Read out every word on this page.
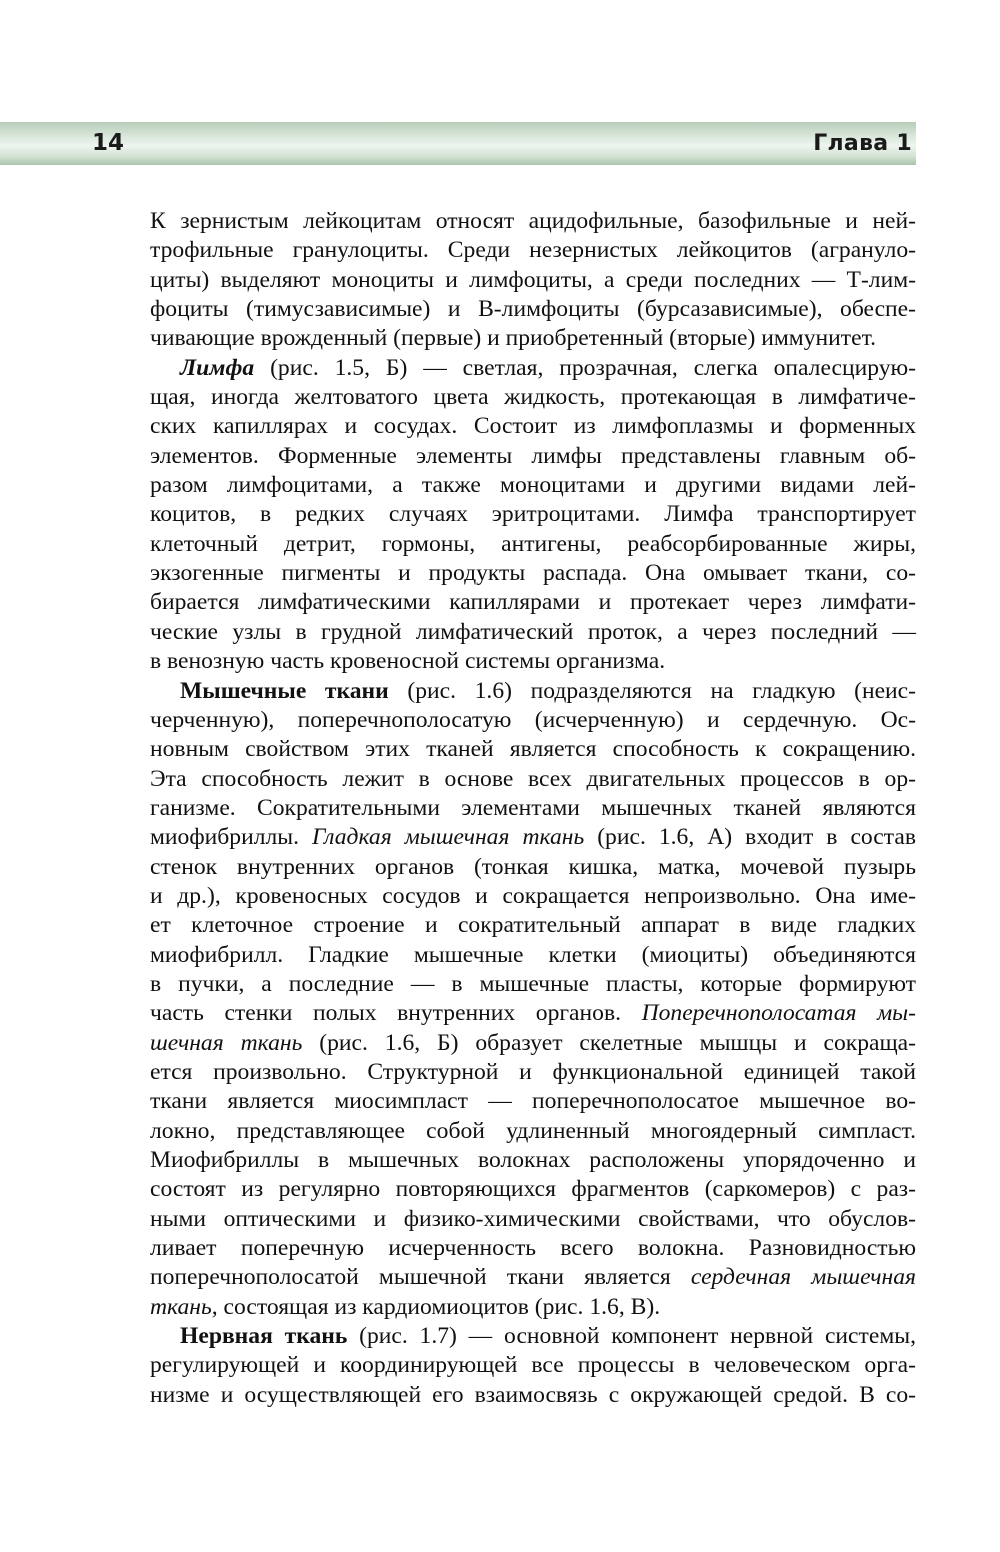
14	Глава 1
К зернистым лейкоцитам относят ацидофильные, базофильные и ней-
трофильные гранулоциты. Среди незернистых лейкоцитов (агрануло-
циты) выделяют моноциты и лимфоциты, а среди последних — Т-лим-
фоциты (тимусзависимые) и В-лимфоциты (бурсазависимые), обеспе-
чивающие врожденный (первые) и приобретенный (вторые) иммунитет.
Лимфа (рис. 1.5, Б) — светлая, прозрачная, слегка опалесцирую-
щая, иногда желтоватого цвета жидкость, протекающая в лимфатиче-
ских капиллярах и сосудах. Состоит из лимфоплазмы и форменных
элементов. Форменные элементы лимфы представлены главным об-
разом лимфоцитами, а также моноцитами и другими видами лей-
коцитов, в редких случаях эритроцитами. Лимфа транспортирует
клеточный детрит, гормоны, антигены, реабсорбированные жиры,
экзогенные пигменты и продукты распада. Она омывает ткани, со-
бирается лимфатическими капиллярами и протекает через лимфати-
ческие узлы в грудной лимфатический проток, а через последний —
в венозную часть кровеносной системы организма.
Мышечные ткани (рис. 1.6) подразделяются на гладкую (неис-
черченную), поперечнополосатую (исчерченную) и сердечную. Ос-
новным свойством этих тканей является способность к сокращению.
Эта способность лежит в основе всех двигательных процессов в ор-
ганизме. Сократительными элементами мышечных тканей являются
миофибриллы. Гладкая мышечная ткань (рис. 1.6, А) входит в состав
стенок внутренних органов (тонкая кишка, матка, мочевой пузырь
и др.), кровеносных сосудов и сокращается непроизвольно. Она име-
ет клеточное строение и сократительный аппарат в виде гладких
миофибрилл. Гладкие мышечные клетки (миоциты) объединяются
в пучки, а последние — в мышечные пласты, которые формируют
часть стенки полых внутренних органов. Поперечнополосатая мы-
шечная ткань (рис. 1.6, Б) образует скелетные мышцы и сокраща-
ется произвольно. Структурной и функциональной единицей такой
ткани является миосимпласт — поперечнополосатое мышечное во-
локно, представляющее собой удлиненный многоядерный симпласт.
Миофибриллы в мышечных волокнах расположены упорядоченно и
состоят из регулярно повторяющихся фрагментов (саркомеров) с раз-
ными оптическими и физико-химическими свойствами, что обуслов-
ливает поперечную исчерченность всего волокна. Разновидностью
поперечнополосатой мышечной ткани является сердечная мышечная
ткань, состоящая из кардиомиоцитов (рис. 1.6, В).
Нервная ткань (рис. 1.7) — основной компонент нервной системы,
регулирующей и координирующей все процессы в человеческом орга-
низме и осуществляющей его взаимосвязь с окружающей средой. В со-
